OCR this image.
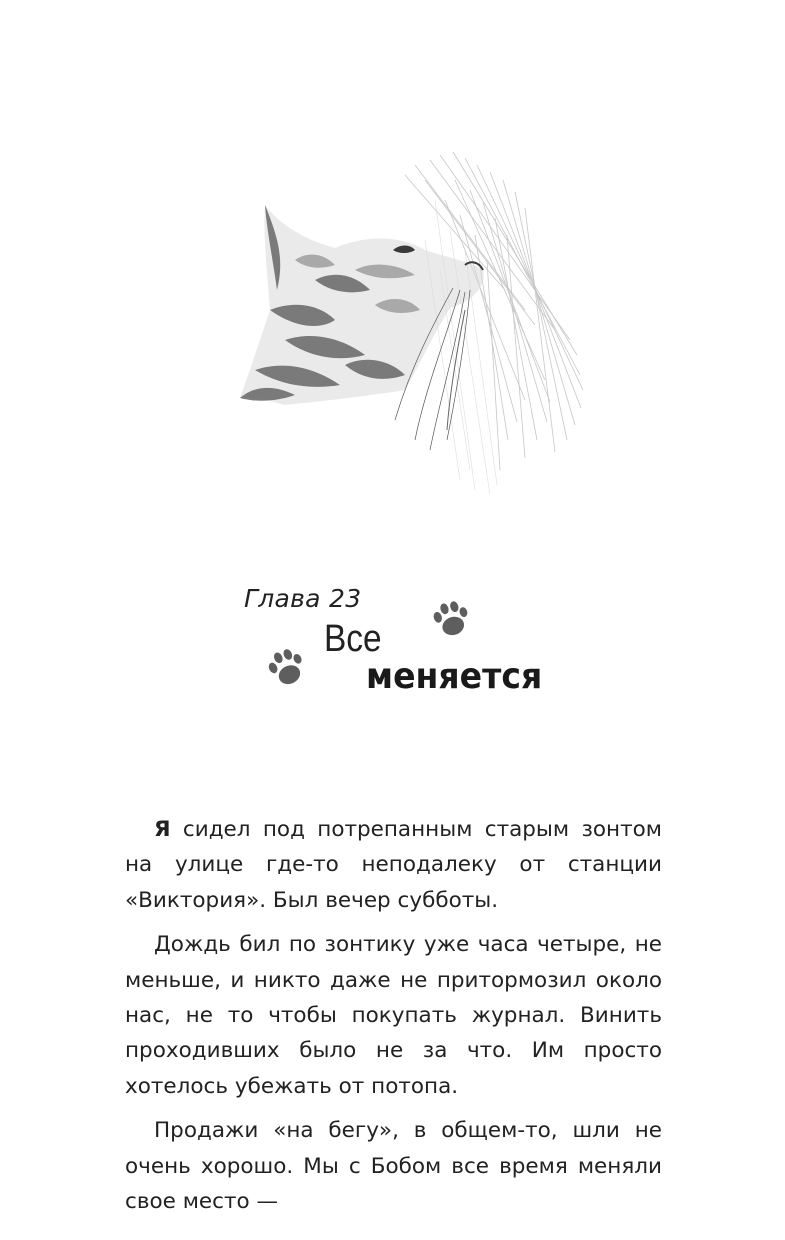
Глава 23
Все
меняется

Я сидел под потрепанным старым зонтом на улице где-то неподалеку от станции «Виктория». Был вечер субботы.

Дождь бил по зонтику уже часа четыре, не меньше, и никто даже не притормозил около нас, не то чтобы покупать журнал. Винить проходивших было не за что. Им просто хотелось убежать от потопа.

Продажи «на бегу», в общем-то, шли не очень хорошо. Мы с Бобом все время меняли свое место —
